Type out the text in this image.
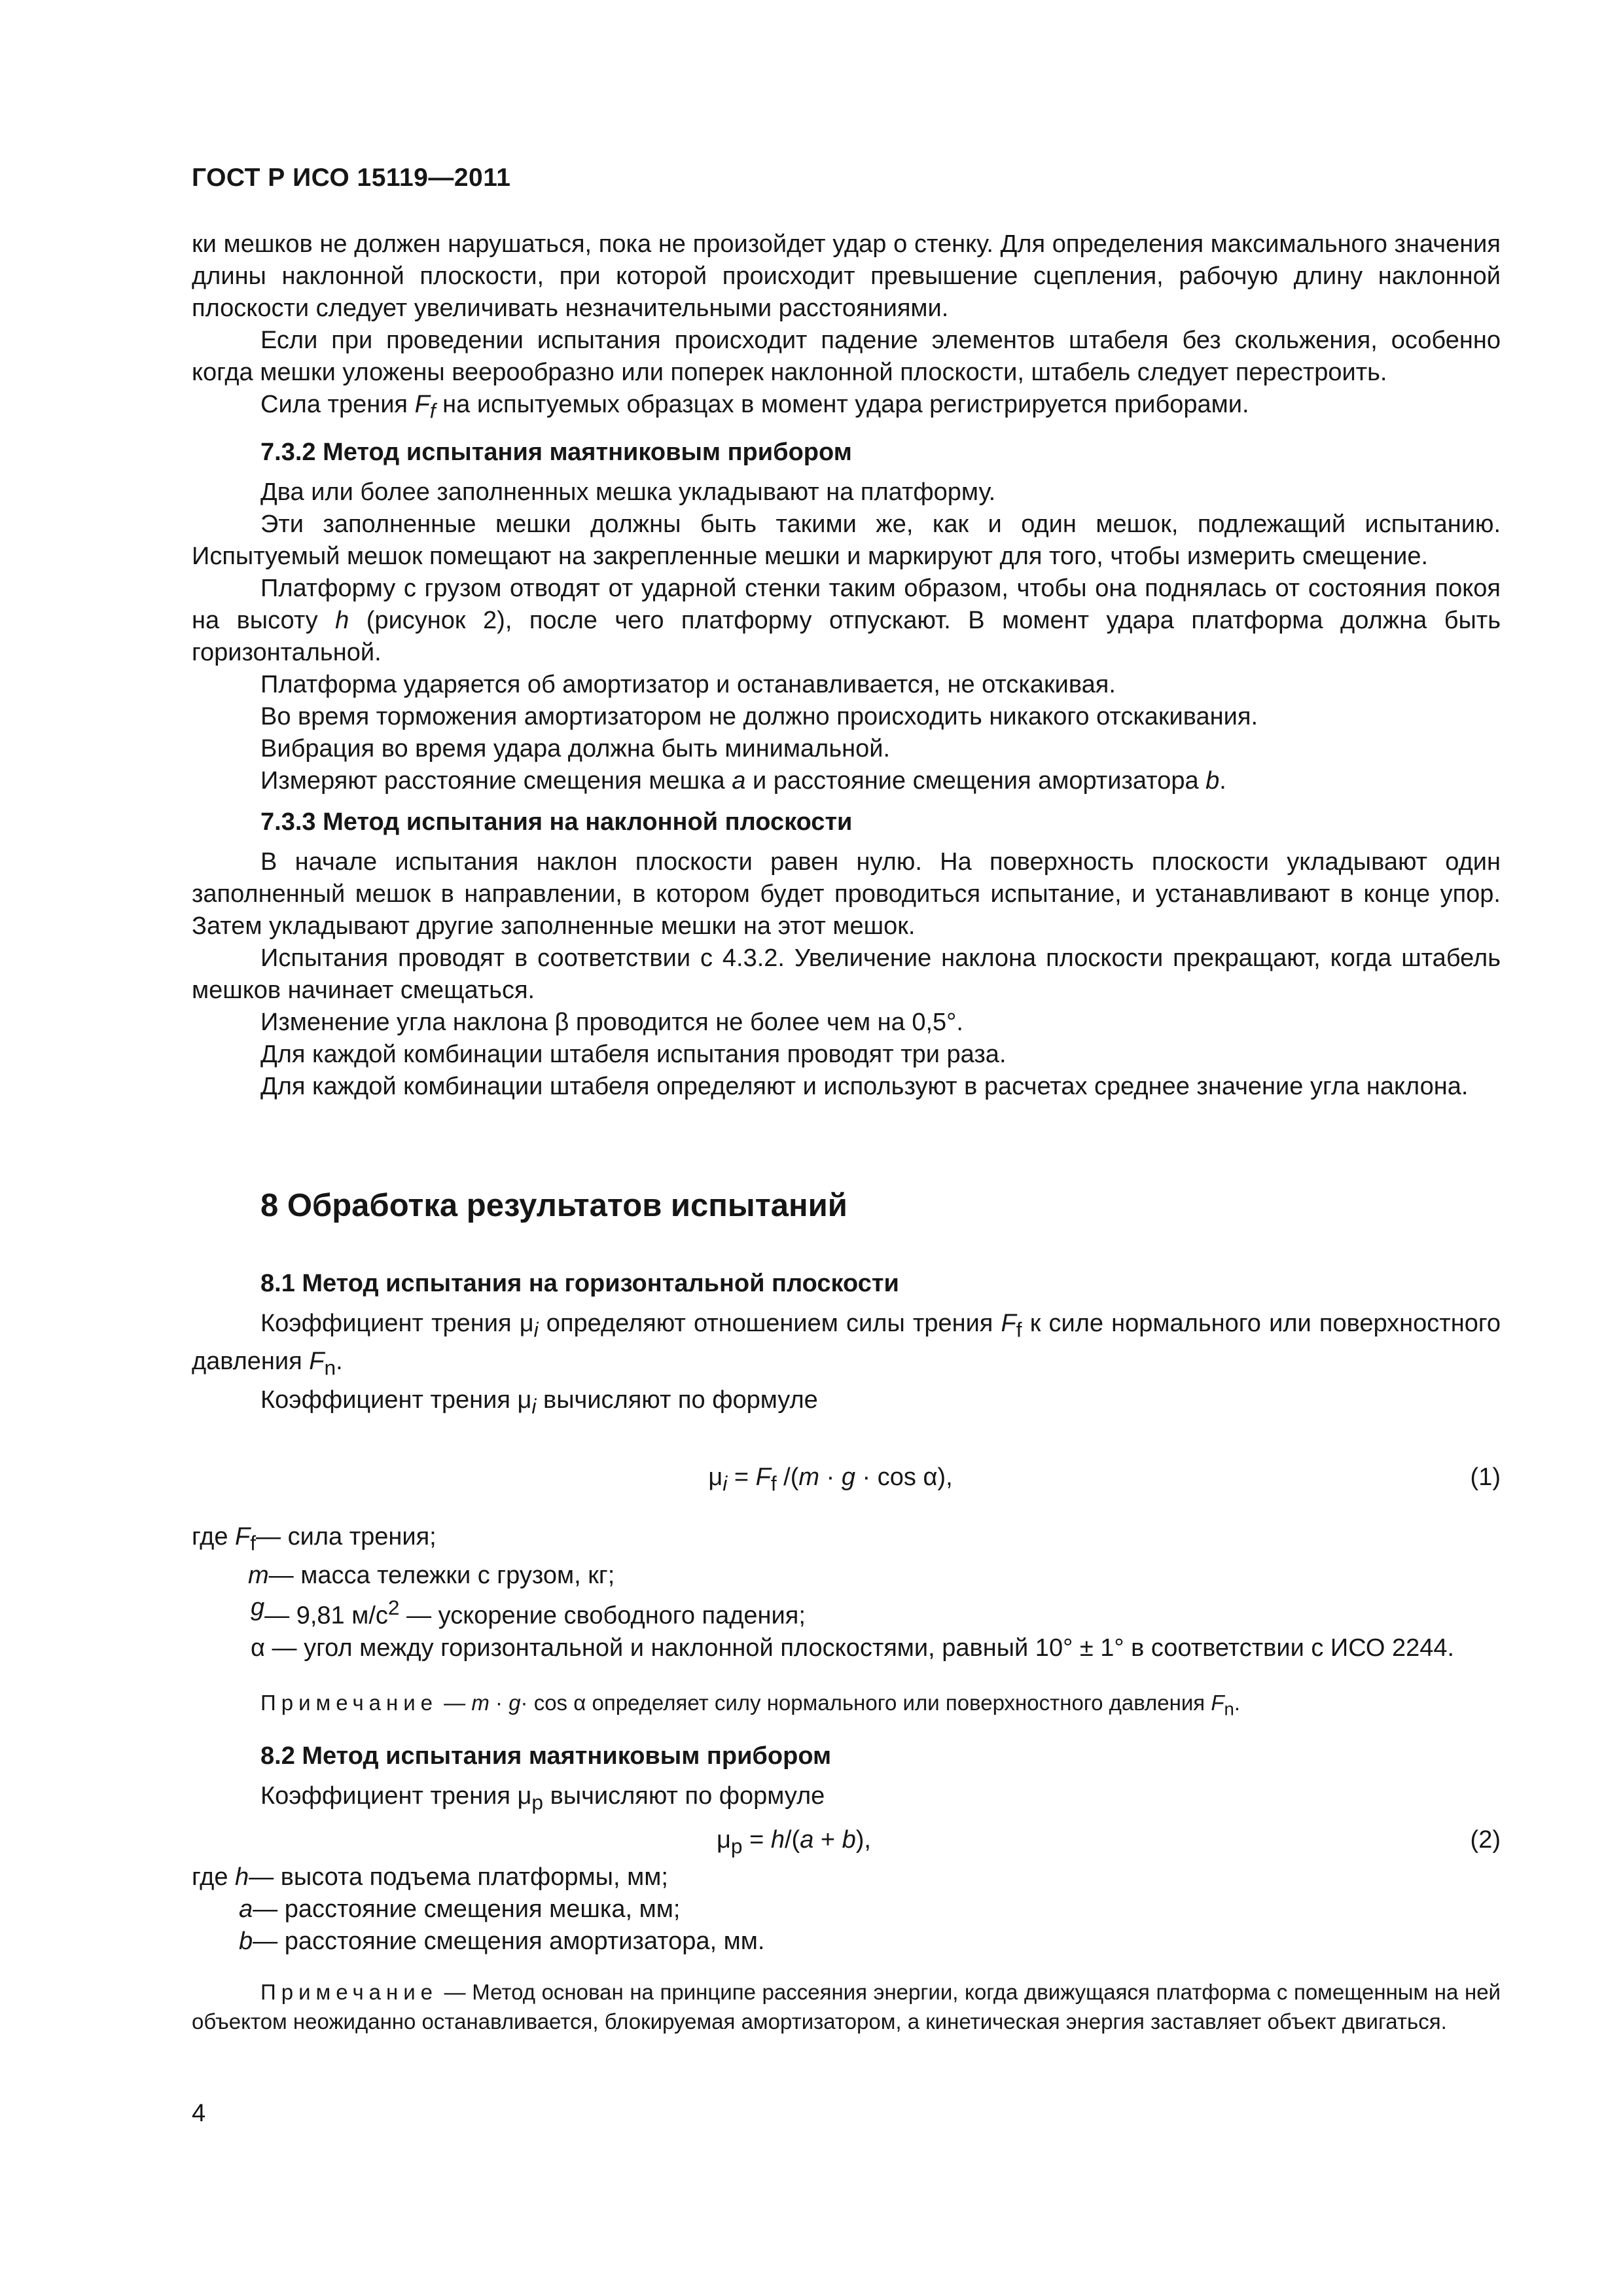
ГОСТ Р ИСО 15119—2011

ки мешков не должен нарушаться, пока не произойдет удар о стенку. Для определения максимального значения длины наклонной плоскости, при которой происходит превышение сцепления, рабочую длину наклонной плоскости следует увеличивать незначительными расстояниями.

Если при проведении испытания происходит падение элементов штабеля без скольжения, особенно когда мешки уложены веерообразно или поперек наклонной плоскости, штабель следует перестроить.

Сила трения $F_f$ на испытуемых образцах в момент удара регистрируется приборами.

7.3.2 Метод испытания маятниковым прибором

Два или более заполненных мешка укладывают на платформу.

Эти заполненные мешки должны быть такими же, как и один мешок, подлежащий испытанию. Испытуемый мешок помещают на закрепленные мешки и маркируют для того, чтобы измерить смещение.

Платформу с грузом отводят от ударной стенки таким образом, чтобы она поднялась от состояния покоя на высоту h (рисунок 2), после чего платформу отпускают. В момент удара платформа должна быть горизонтальной.

Платформа ударяется об амортизатор и останавливается, не отскакивая.

Во время торможения амортизатором не должно происходить никакого отскакивания.

Вибрация во время удара должна быть минимальной.

Измеряют расстояние смещения мешка a и расстояние смещения амортизатора b.

7.3.3 Метод испытания на наклонной плоскости

В начале испытания наклон плоскости равен нулю. На поверхность плоскости укладывают один заполненный мешок в направлении, в котором будет проводиться испытание, и устанавливают в конце упор. Затем укладывают другие заполненные мешки на этот мешок.

Испытания проводят в соответствии с 4.3.2. Увеличение наклона плоскости прекращают, когда штабель мешков начинает смещаться.

Изменение угла наклона β проводится не более чем на 0,5°.

Для каждой комбинации штабеля испытания проводят три раза.

Для каждой комбинации штабеля определяют и используют в расчетах среднее значение угла наклона.

8 Обработка результатов испытаний
8.1 Метод испытания на горизонтальной плоскости

Коэффициент трения $\mu_i$ определяют отношением силы трения $F_f$ к силе нормального или поверхностного давления $F_n$.

Коэффициент трения $\mu_i$ вычисляют по формуле

$\mu_i = F_f$ /(m · g · cos α),	(1)
где $F_f$ — сила трения;
m — масса тележки с грузом, кг;
g — 9,81 $м/с^2$ — ускорение свободного падения;
α — угол между горизонтальной и наклонной плоскостями, равный 10° ± 1° в соответствии с ИСО 2244.
Примечание — m · g· cos α определяет силу нормального или поверхностного давления $F_n$.
8.2 Метод испытания маятниковым прибором

Коэффициент трения $\mu_p$ вычисляют по формуле

$\mu_p = h/(a + b)$,	(2)
где h — высота подъема платформы, мм;
a — расстояние смещения мешка, мм;
b — расстояние смещения амортизатора, мм.
Примечание — Метод основан на принципе рассеяния энергии, когда движущаяся платформа с помещенным на ней объектом неожиданно останавливается, блокируемая амортизатором, а кинетическая энергия заставляет объект двигаться.
4
